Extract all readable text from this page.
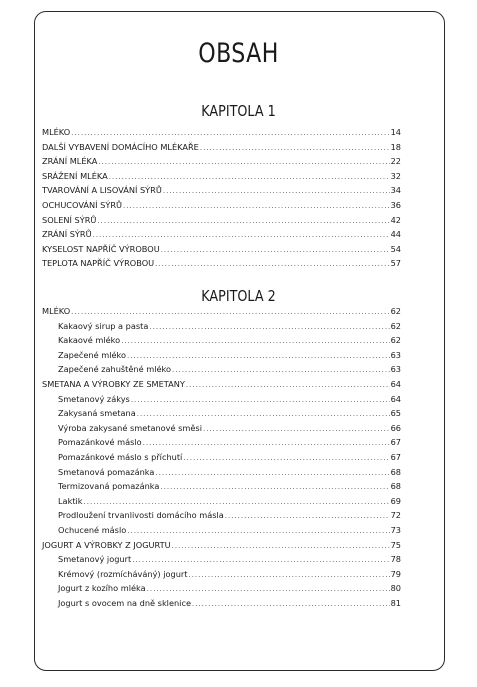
OBSAH
KAPITOLA 1
MLÉKO .....	14
DALŠÍ VYBAVENÍ DOMÁCÍHO MLÉKAŘE .....	18
ZRÁNÍ MLÉKA .....	22
SRÁŽENÍ MLÉKA .....	32
TVAROVÁNÍ A LISOVÁNÍ SÝRŮ .....	34
OCHUCOVÁNÍ SÝRŮ .....	36
SOLENÍ SÝRŮ .....	42
ZRÁNÍ SÝRŮ .....	44
KYSELOST NAPŘÍČ VÝROBOU .....	54
TEPLOTA NAPŘÍČ VÝROBOU .....	57
KAPITOLA 2
MLÉKO .....	62
Kakaový sirup a pasta .....	62
Kakaové mléko .....	62
Zapečené mléko .....	63
Zapečené zahuštěné mléko .....	63
SMETANA A VÝROBKY ZE SMETANY .....	64
Smetanový zákys .....	64
Zakysaná smetana .....	65
Výroba zakysané smetanové směsi .....	66
Pomazánkové máslo .....	67
Pomazánkové máslo s příchutí .....	67
Smetanová pomazánka .....	68
Termizovaná pomazánka .....	68
Laktik .....	69
Prodloužení trvanlivosti domácího másla .....	72
Ochucené máslo .....	73
JOGURT A VÝROBKY Z JOGURTU .....	75
Smetanový jogurt .....	78
Krémový (rozmícháváný) jogurt .....	79
Jogurt z kozího mléka .....	80
Jogurt s ovocem na dně sklenice .....	81
